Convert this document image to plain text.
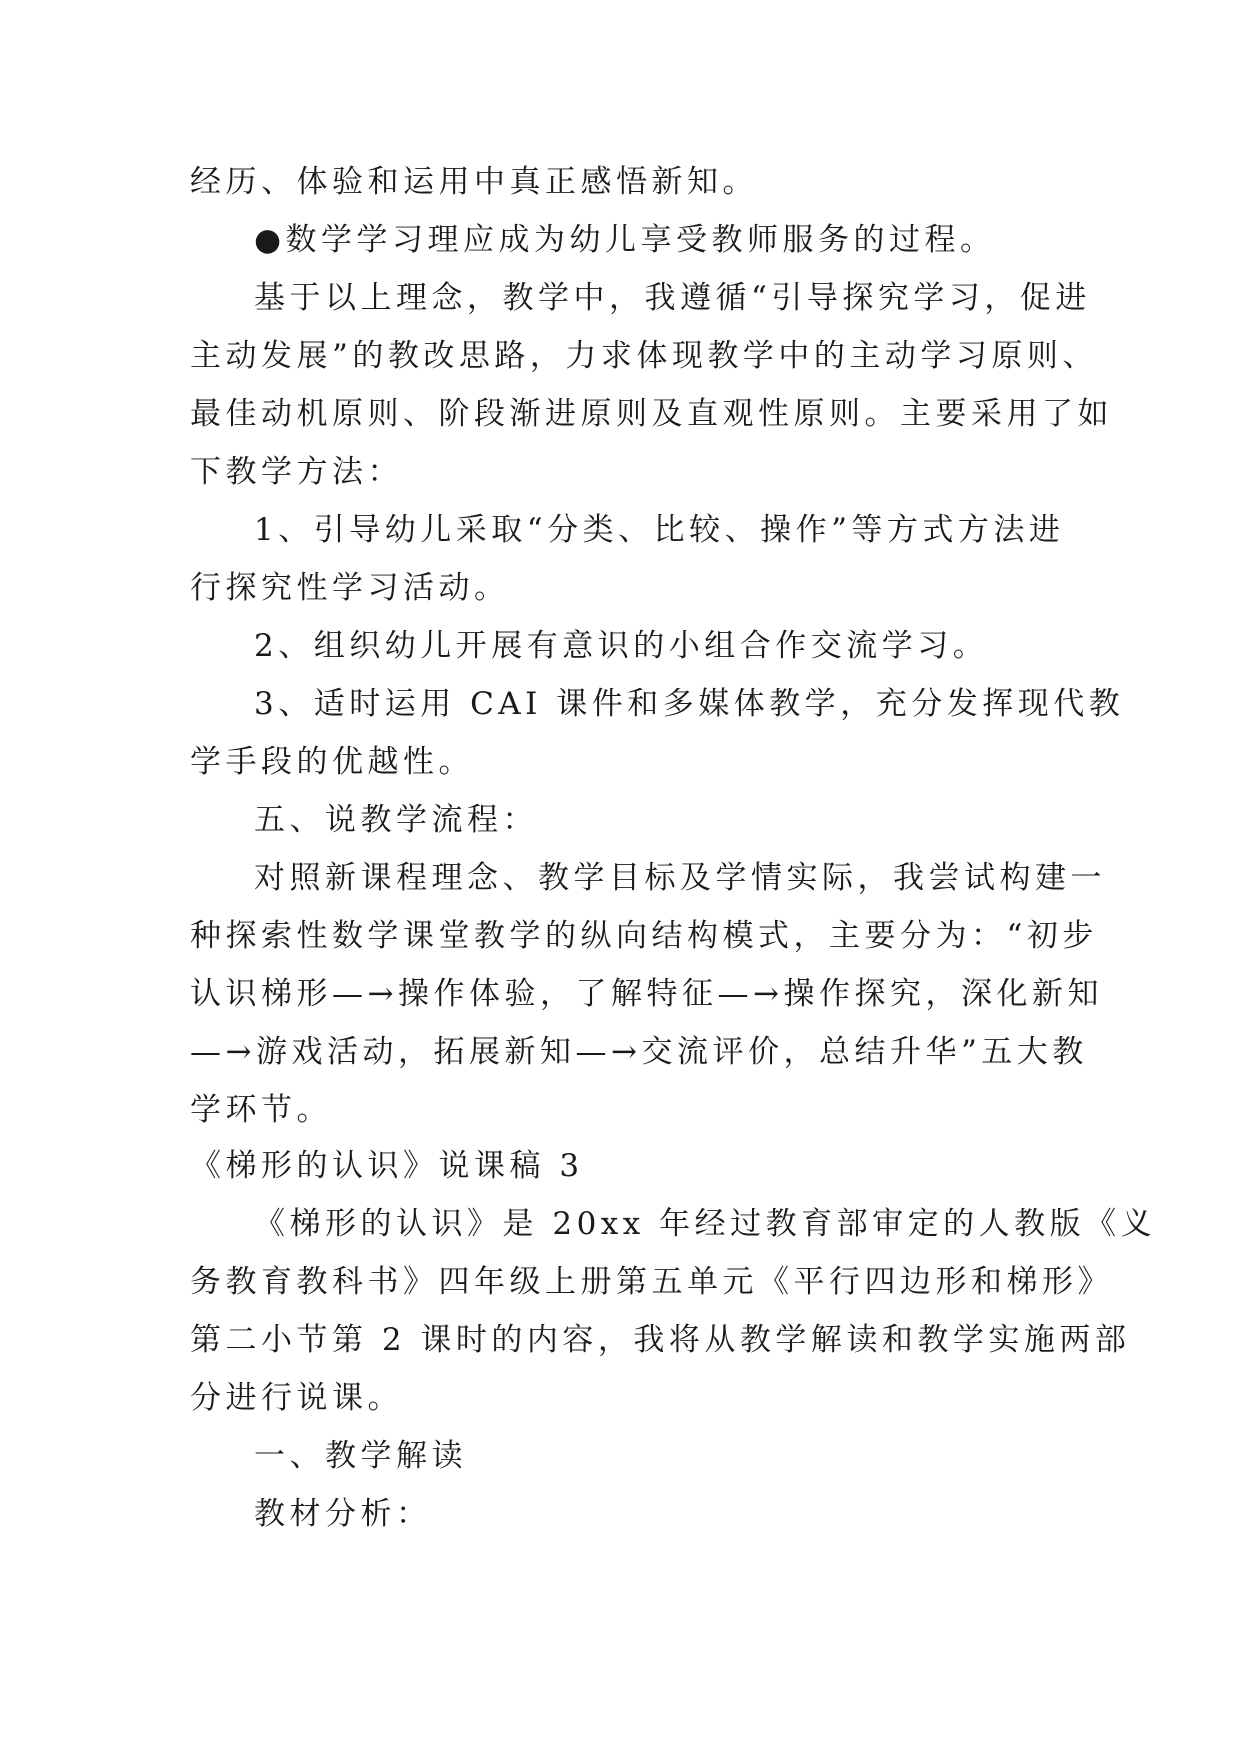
经历、体验和运用中真正感悟新知。
●数学学习理应成为幼儿享受教师服务的过程。
基于以上理念，教学中，我遵循“引导探究学习，促进
主动发展”的教改思路，力求体现教学中的主动学习原则、
最佳动机原则、阶段渐进原则及直观性原则。主要采用了如
下教学方法：
1、引导幼儿采取“分类、比较、操作”等方式方法进
行探究性学习活动。
2、组织幼儿开展有意识的小组合作交流学习。
3、适时运用 CAI 课件和多媒体教学，充分发挥现代教
学手段的优越性。
五、说教学流程：
对照新课程理念、教学目标及学情实际，我尝试构建一
种探索性数学课堂教学的纵向结构模式，主要分为：“初步
认识梯形—→操作体验，了解特征—→操作探究，深化新知
—→游戏活动，拓展新知—→交流评价，总结升华”五大教
学环节。
《梯形的认识》说课稿 3
《梯形的认识》是 20xx 年经过教育部审定的人教版《义
务教育教科书》四年级上册第五单元《平行四边形和梯形》
第二小节第 2 课时的内容，我将从教学解读和教学实施两部
分进行说课。
一、教学解读
教材分析：
